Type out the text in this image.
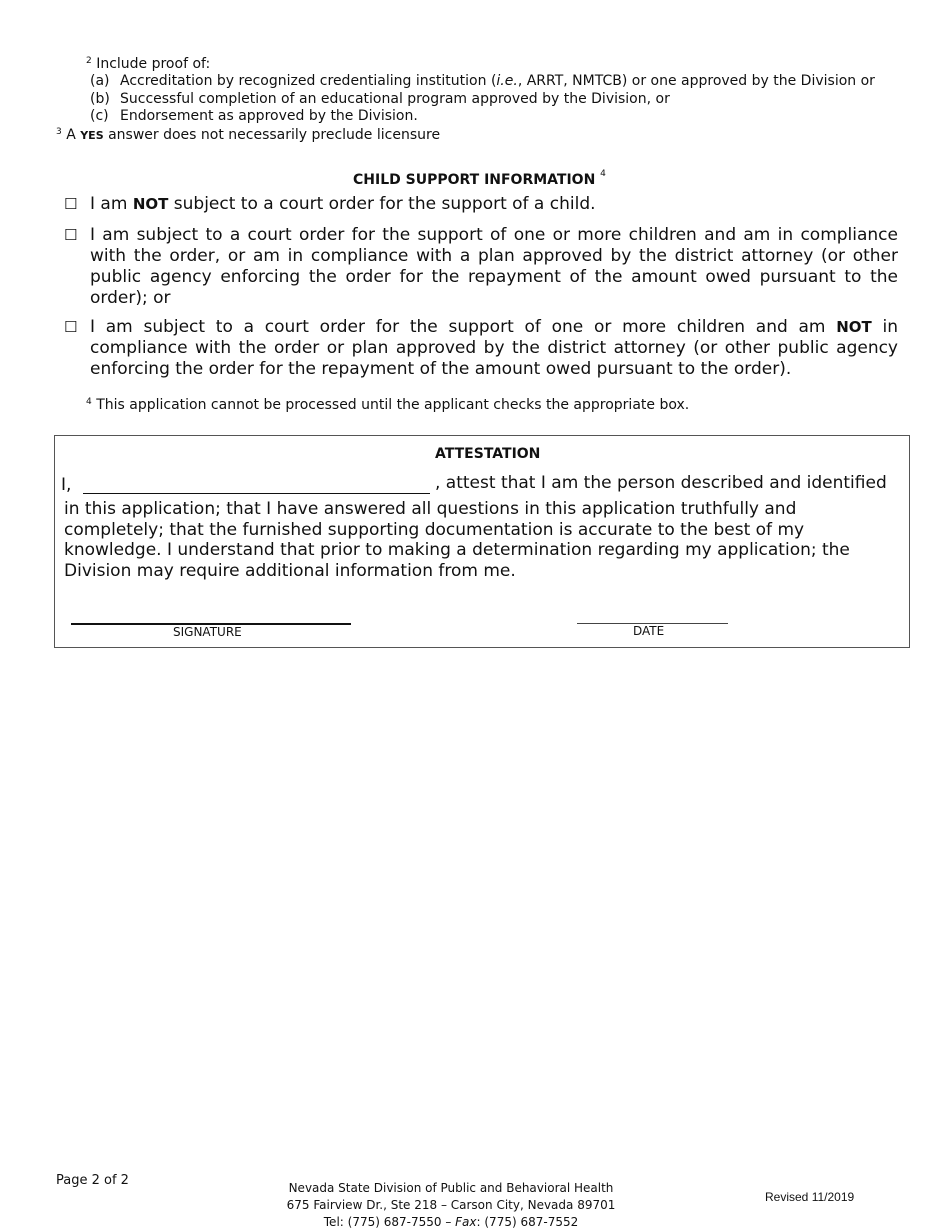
$^2$ Include proof of:
(a) Accreditation by recognized credentialing institution (i.e., ARRT, NMTCB) or one approved by the Division or
(b) Successful completion of an educational program approved by the Division, or
(c) Endorsement as approved by the Division.
$^3$ A YES answer does not necessarily preclude licensure
CHILD SUPPORT INFORMATION $^4$
☐ I am NOT subject to a court order for the support of a child.
☐ I am subject to a court order for the support of one or more children and am in compliance with the order, or am in compliance with a plan approved by the district attorney (or other public agency enforcing the order for the repayment of the amount owed pursuant to the order); or
☐ I am subject to a court order for the support of one or more children and am NOT in compliance with the order or plan approved by the district attorney (or other public agency enforcing the order for the repayment of the amount owed pursuant to the order).
$^4$ This application cannot be processed until the applicant checks the appropriate box.
ATTESTATION
I,	, attest that I am the person described and identified
in this application; that I have answered all questions in this application truthfully and completely; that the furnished supporting documentation is accurate to the best of my knowledge. I understand that prior to making a determination regarding my application; the Division may require additional information from me.
SIGNATURE	DATE
Page 2 of 2	Nevada State Division of Public and Behavioral Health
675 Fairview Dr., Ste 218 – Carson City, Nevada 89701
Tel: (775) 687-7550 – Fax: (775) 687-7552
Revised 11/2019
